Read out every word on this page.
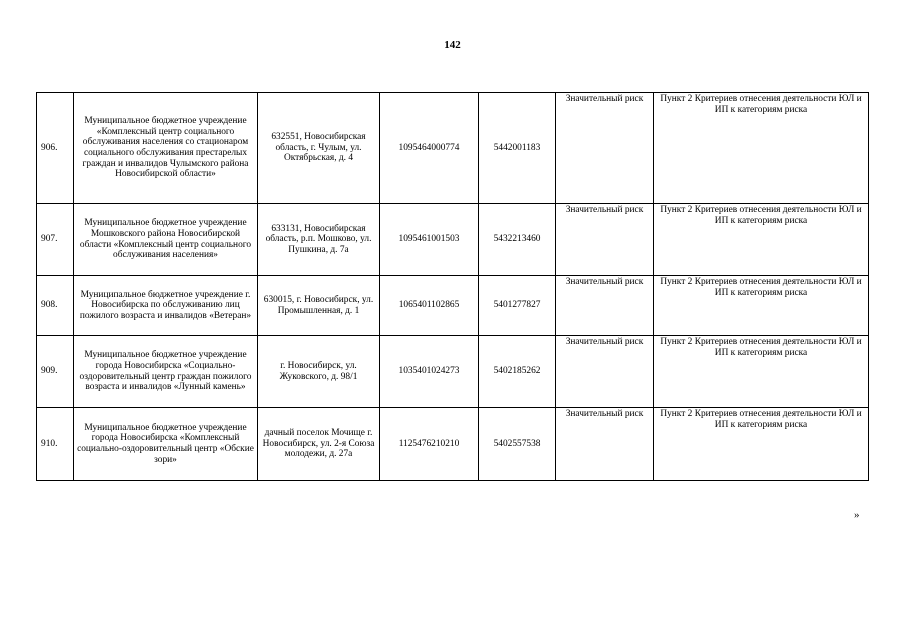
142
906.	Муниципальное бюджетное учреждение «Комплексный центр социального обслуживания населения со стационаром социального обслуживания престарелых граждан и инвалидов Чулымского района Новосибирской области»	632551, Новосибирская область, г. Чулым, ул. Октябрьская, д. 4	1095464000774	5442001183	Значительный риск	Пункт 2 Критериев отнесения деятельности ЮЛ и ИП к категориям риска
907.	Муниципальное бюджетное учреждение Мошковского района Новосибирской области «Комплексный центр социального обслуживания населения»	633131, Новосибирская область, р.п. Мошково, ул. Пушкина, д. 7а	1095461001503	5432213460	Значительный риск	Пункт 2 Критериев отнесения деятельности ЮЛ и ИП к категориям риска
908.	Муниципальное бюджетное учреждение г. Новосибирска по обслуживанию лиц пожилого возраста и инвалидов «Ветеран»	630015, г. Новосибирск, ул. Промышленная, д. 1	1065401102865	5401277827	Значительный риск	Пункт 2 Критериев отнесения деятельности ЮЛ и ИП к категориям риска
909.	Муниципальное бюджетное учреждение города Новосибирска «Социально-оздоровительный центр граждан пожилого возраста и инвалидов «Лунный камень»	г. Новосибирск, ул. Жуковского, д. 98/1	1035401024273	5402185262	Значительный риск	Пункт 2 Критериев отнесения деятельности ЮЛ и ИП к категориям риска
910.	Муниципальное бюджетное учреждение города Новосибирска «Комплексный социально-оздоровительный центр «Обские зори»	дачный поселок Мочище г. Новосибирск, ул. 2-я Союза молодежи, д. 27а	1125476210210	5402557538	Значительный риск	Пункт 2 Критериев отнесения деятельности ЮЛ и ИП к категориям риска
»
